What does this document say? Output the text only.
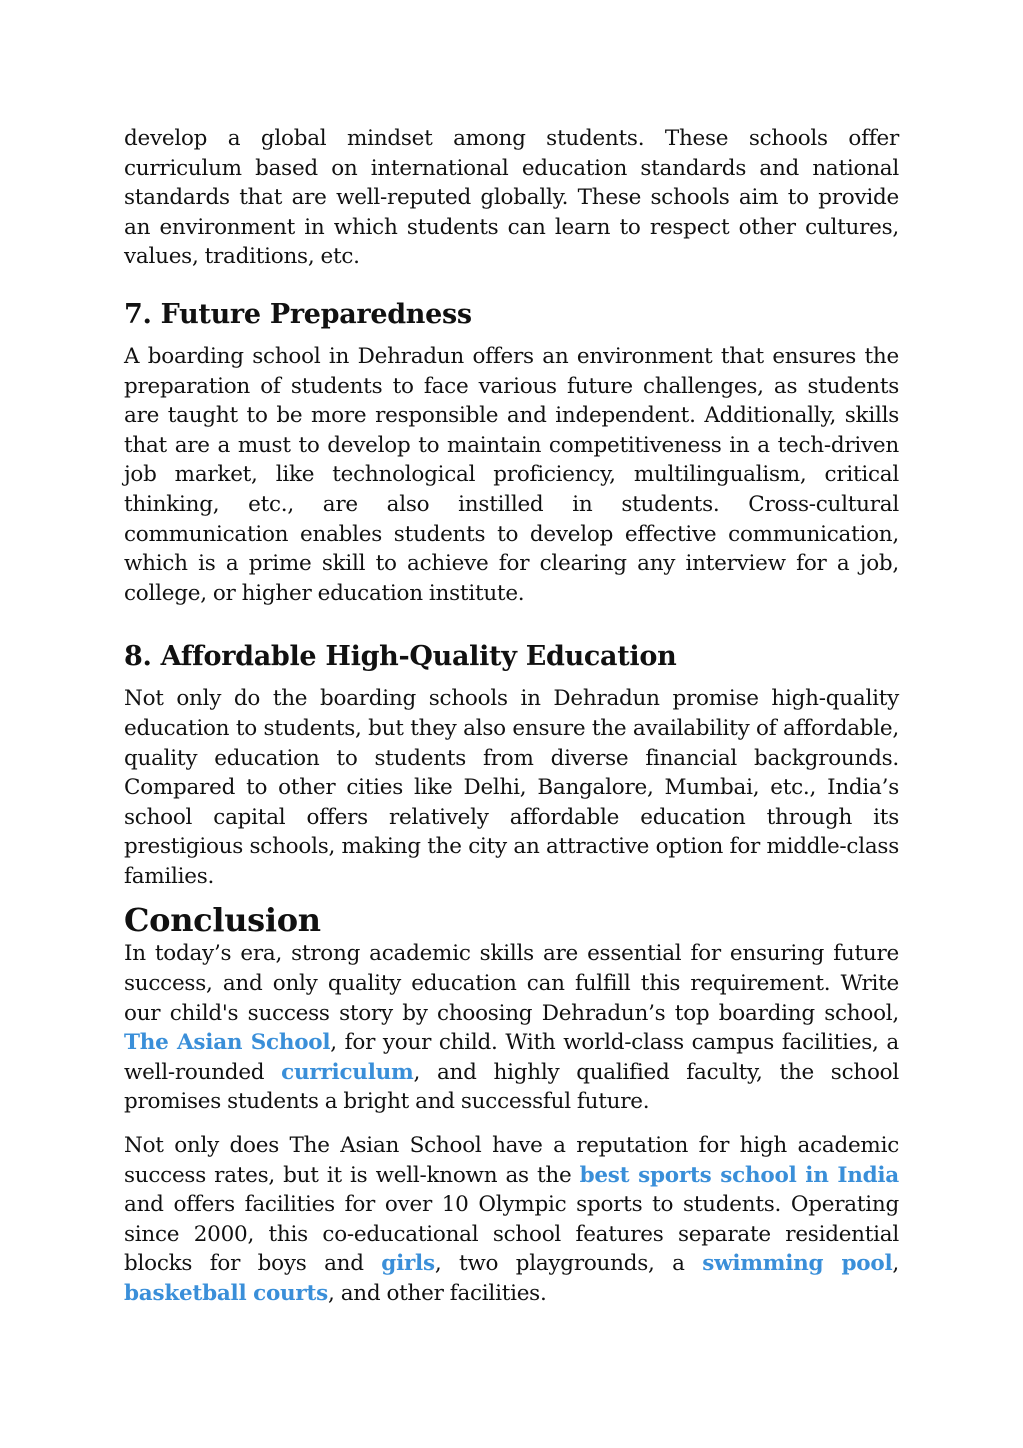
develop a global mindset among students. These schools offer curriculum based on international education standards and national standards that are well-reputed globally. These schools aim to provide an environment in which students can learn to respect other cultures, values, traditions, etc.

7. Future Preparedness

A boarding school in Dehradun offers an environment that ensures the preparation of students to face various future challenges, as students are taught to be more responsible and independent. Additionally, skills that are a must to develop to maintain competitiveness in a tech-driven job market, like technological proficiency, multilingualism, critical thinking, etc., are also instilled in students. Cross-cultural communication enables students to develop effective communication, which is a prime skill to achieve for clearing any interview for a job, college, or higher education institute.

8. Affordable High-Quality Education

Not only do the boarding schools in Dehradun promise high-quality education to students, but they also ensure the availability of affordable, quality education to students from diverse financial backgrounds. Compared to other cities like Delhi, Bangalore, Mumbai, etc., India’s school capital offers relatively affordable education through its prestigious schools, making the city an attractive option for middle-class families.

Conclusion

In today’s era, strong academic skills are essential for ensuring future success, and only quality education can fulfill this requirement. Write our child's success story by choosing Dehradun’s top boarding school, The Asian School, for your child. With world-class campus facilities, a well-rounded curriculum, and highly qualified faculty, the school promises students a bright and successful future.

Not only does The Asian School have a reputation for high academic success rates, but it is well-known as the best sports school in India and offers facilities for over 10 Olympic sports to students. Operating since 2000, this co-educational school features separate residential blocks for boys and girls, two playgrounds, a swimming pool, basketball courts, and other facilities.
